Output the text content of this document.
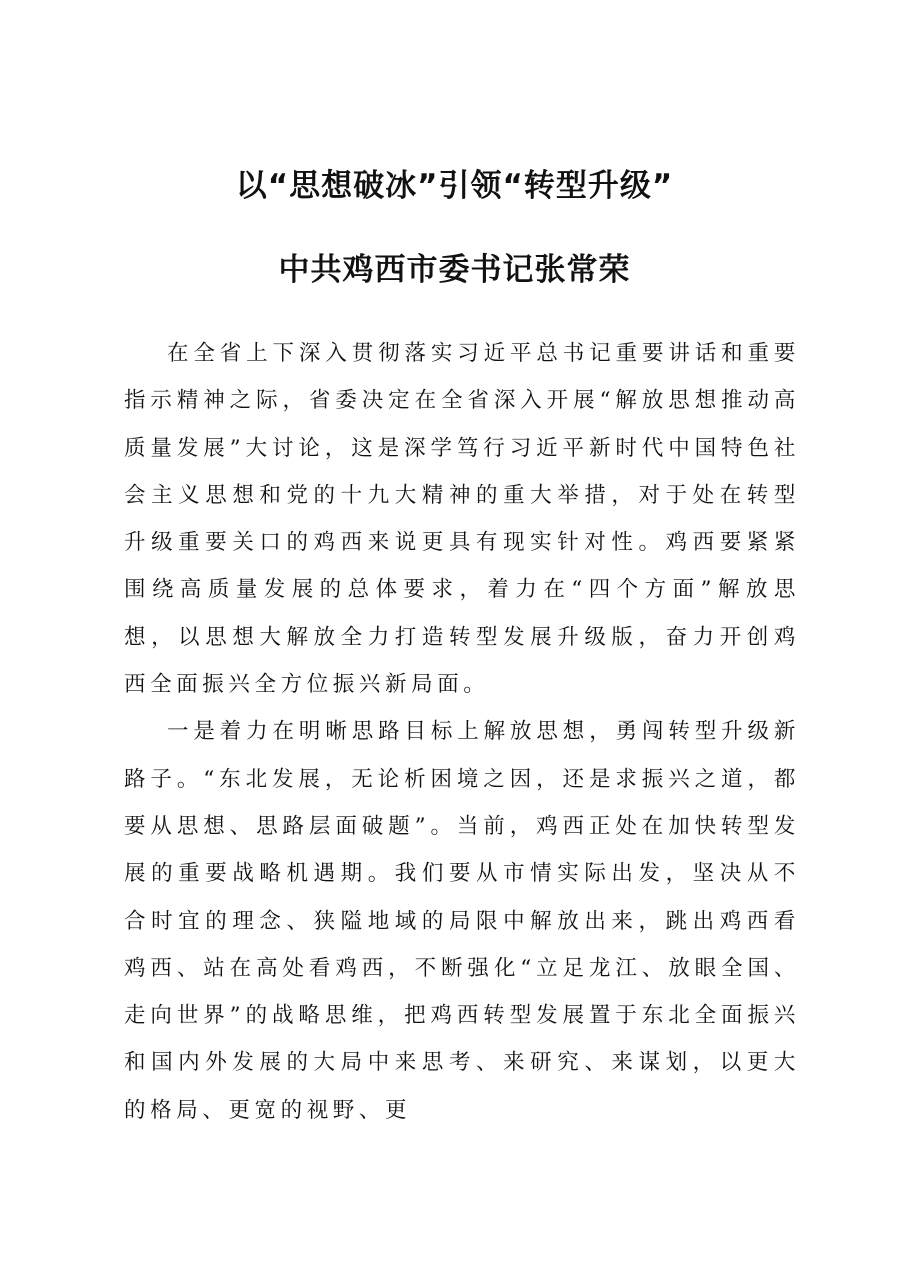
以“思想破冰”引领“转型升级”
中共鸡西市委书记张常荣

在全省上下深入贯彻落实习近平总书记重要讲话和重要指示精神之际，省委决定在全省深入开展“解放思想推动高质量发展”大讨论，这是深学笃行习近平新时代中国特色社会主义思想和党的十九大精神的重大举措，对于处在转型升级重要关口的鸡西来说更具有现实针对性。鸡西要紧紧围绕高质量发展的总体要求，着力在“四个方面”解放思想，以思想大解放全力打造转型发展升级版，奋力开创鸡西全面振兴全方位振兴新局面。

一是着力在明晰思路目标上解放思想，勇闯转型升级新路子。“东北发展，无论析困境之因，还是求振兴之道，都要从思想、思路层面破题”。当前，鸡西正处在加快转型发展的重要战略机遇期。我们要从市情实际出发，坚决从不合时宜的理念、狭隘地域的局限中解放出来，跳出鸡西看鸡西、站在高处看鸡西，不断强化“立足龙江、放眼全国、走向世界”的战略思维，把鸡西转型发展置于东北全面振兴和国内外发展的大局中来思考、来研究、来谋划，以更大的格局、更宽的视野、更
